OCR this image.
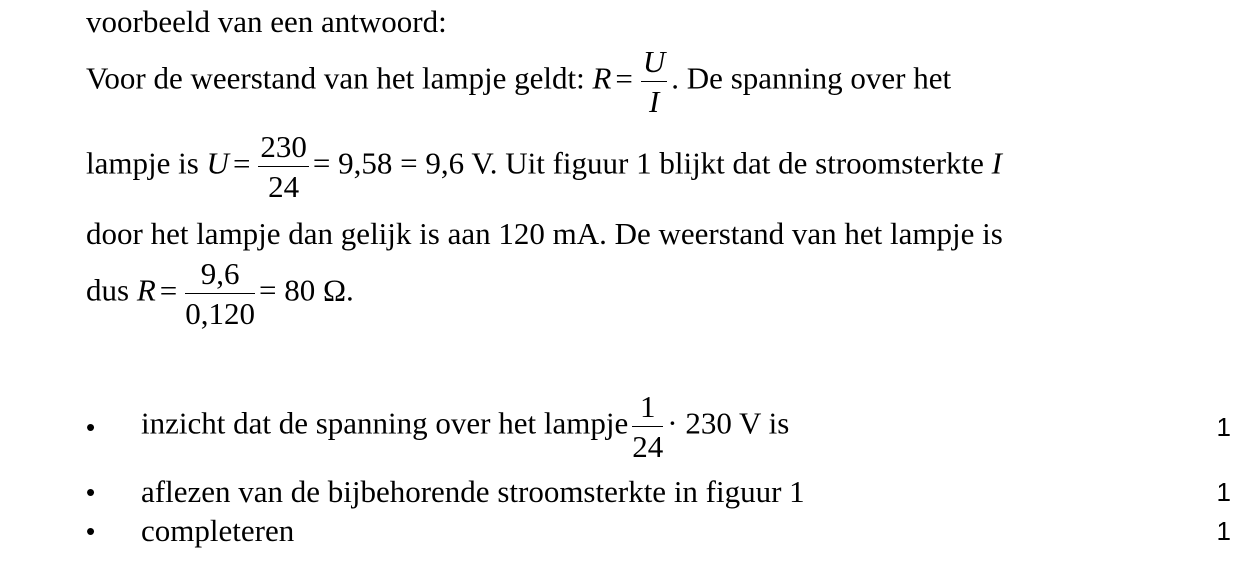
voorbeeld van een antwoord:
Voor de weerstand van het lampje geldt: $R = \frac{U}{I}$ . De spanning over het
lampje is $U = \frac{230}{24} = 9,58 = 9,6$ V. Uit figuur 1 blijkt dat de stroomsterkte I
door het lampje dan gelijk is aan 120 mA. De weerstand van het lampje is
dus $R = \frac{9,6}{0,120} = 80$ Ω.
• inzicht dat de spanning over het lampje $\frac{1}{24} \cdot 230$ V is	1
• aflezen van de bijbehorende stroomsterkte in figuur 1	1
• completeren	1
